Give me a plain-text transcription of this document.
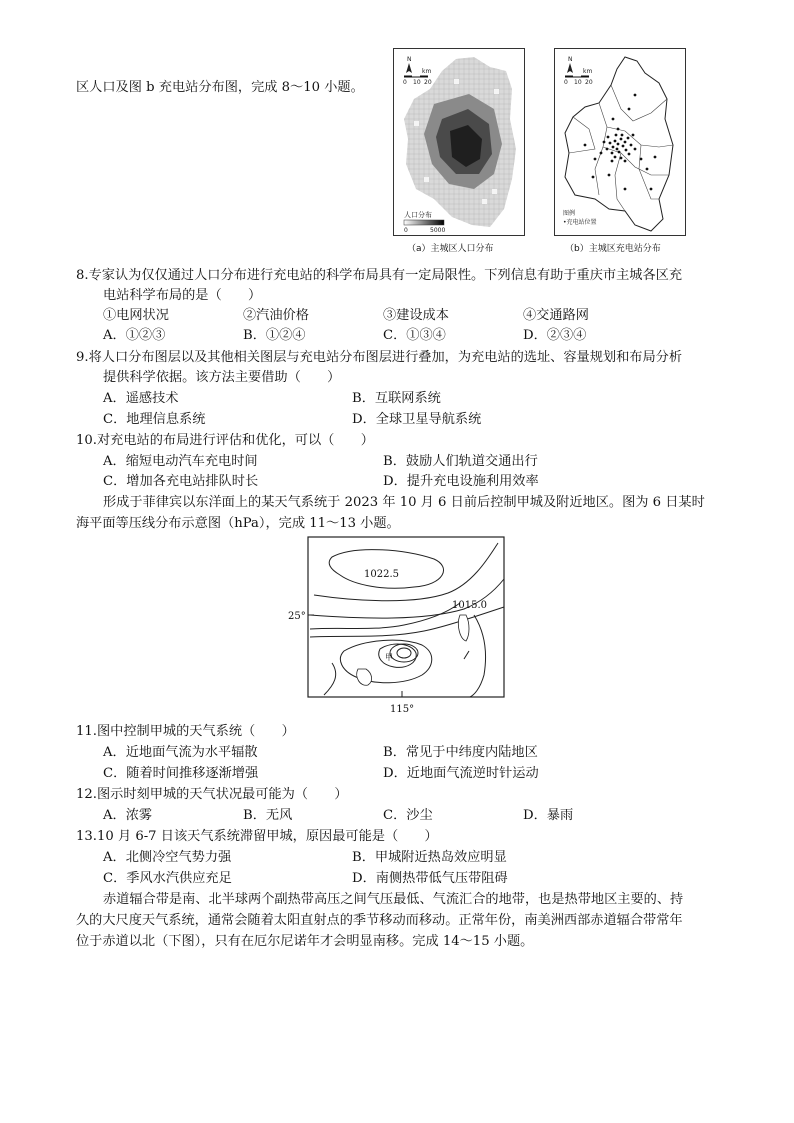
区人口及图 b 充电站分布图，完成 8～10 小题。
N
km
0 10 20
人口分布
0	5000
（a）主城区人口分布
N
km
0 10 20
图例
•充电站位置
（b）主城区充电站分布
8.专家认为仅仅通过人口分布进行充电站的科学布局具有一定局限性。下列信息有助于重庆市主城各区充
电站科学布局的是（　　）
①电网状况	②汽油价格	③建设成本	④交通路网
A．①②③	B．①②④	C．①③④	D．②③④
9.将人口分布图层以及其他相关图层与充电站分布图层进行叠加，为充电站的选址、容量规划和布局分析
提供科学依据。该方法主要借助（　　）
A．遥感技术	B．互联网系统
C．地理信息系统	D．全球卫星导航系统
10.对充电站的布局进行评估和优化，可以（　　）
A．缩短电动汽车充电时间	B．鼓励人们轨道交通出行
C．增加各充电站排队时长	D．提升充电设施利用效率
形成于菲律宾以东洋面上的某天气系统于 2023 年 10 月 6 日前后控制甲城及附近地区。图为 6 日某时
海平面等压线分布示意图（hPa），完成 11～13 小题。
1022.5
1015.0
25°
115°
甲
11.图中控制甲城的天气系统（　　）
A．近地面气流为水平辐散	B．常见于中纬度内陆地区
C．随着时间推移逐渐增强	D．近地面气流逆时针运动
12.图示时刻甲城的天气状况最可能为（　　）
A．浓雾	B．无风	C．沙尘	D．暴雨
13.10 月 6-7 日该天气系统滞留甲城，原因最可能是（　　）
A．北侧冷空气势力强	B．甲城附近热岛效应明显
C．季风水汽供应充足	D．南侧热带低气压带阻碍
赤道辐合带是南、北半球两个副热带高压之间气压最低、气流汇合的地带，也是热带地区主要的、持
久的大尺度天气系统，通常会随着太阳直射点的季节移动而移动。正常年份，南美洲西部赤道辐合带常年
位于赤道以北（下图），只有在厄尔尼诺年才会明显南移。完成 14～15 小题。
